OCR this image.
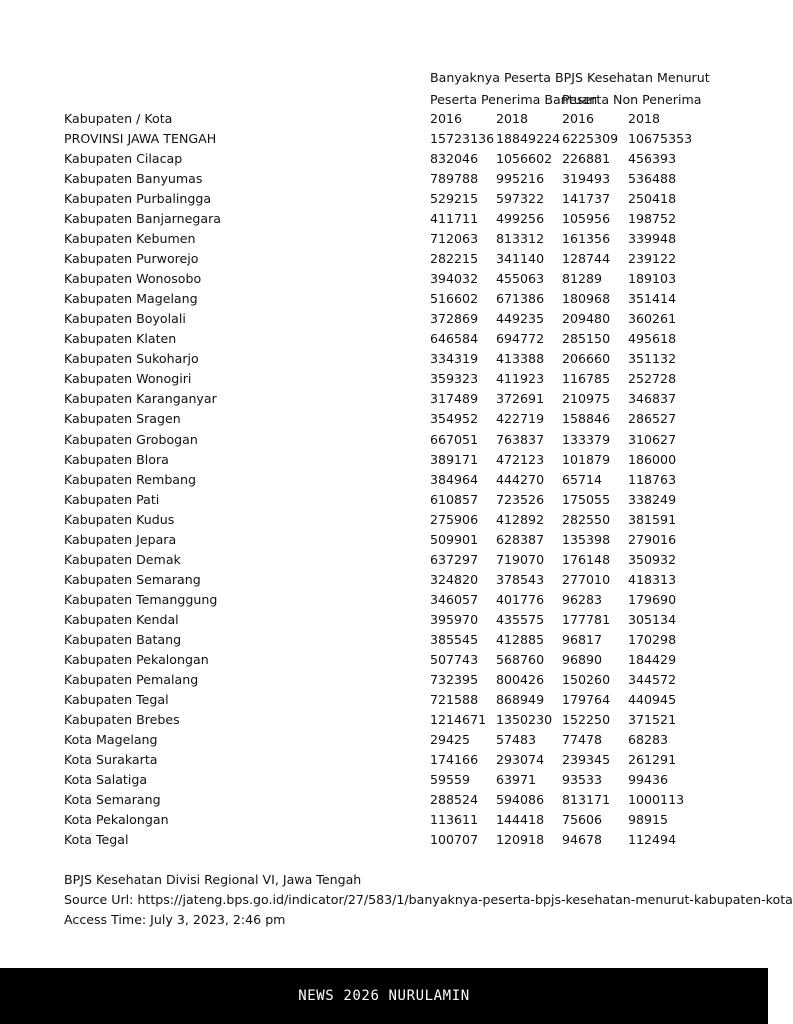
Banyaknya Peserta BPJS Kesehatan Menurut
Peserta Penerima Bantuan
Peserta Non Penerima
Kabupaten / Kota	2016	2018	2016	2018
PROVINSI JAWA TENGAH	15723136 18849224 6225309 10675353
Kabupaten Cilacap	832046	1056602 226881	456393
Kabupaten Banyumas	789788	995216	319493	536488
Kabupaten Purbalingga	529215	597322	141737	250418
Kabupaten Banjarnegara	411711	499256	105956	198752
Kabupaten Kebumen	712063	813312	161356	339948
Kabupaten Purworejo	282215	341140	128744	239122
Kabupaten Wonosobo	394032	455063	81289	189103
Kabupaten Magelang	516602	671386	180968	351414
Kabupaten Boyolali	372869	449235	209480	360261
Kabupaten Klaten	646584	694772	285150	495618
Kabupaten Sukoharjo	334319	413388	206660	351132
Kabupaten Wonogiri	359323	411923	116785	252728
Kabupaten Karanganyar	317489	372691	210975	346837
Kabupaten Sragen	354952	422719	158846	286527
Kabupaten Grobogan	667051	763837	133379	310627
Kabupaten Blora	389171	472123	101879	186000
Kabupaten Rembang	384964	444270	65714	118763
Kabupaten Pati	610857	723526	175055	338249
Kabupaten Kudus	275906	412892	282550	381591
Kabupaten Jepara	509901	628387	135398	279016
Kabupaten Demak	637297	719070	176148	350932
Kabupaten Semarang	324820	378543	277010	418313
Kabupaten Temanggung	346057	401776	96283	179690
Kabupaten Kendal	395970	435575	177781	305134
Kabupaten Batang	385545	412885	96817	170298
Kabupaten Pekalongan	507743	568760	96890	184429
Kabupaten Pemalang	732395	800426	150260	344572
Kabupaten Tegal	721588	868949	179764	440945
Kabupaten Brebes	1214671 1350230 152250	371521
Kota Magelang	29425	57483	77478	68283
Kota Surakarta	174166	293074	239345	261291
Kota Salatiga	59559	63971	93533	99436
Kota Semarang	288524	594086	813171	1000113
Kota Pekalongan	113611	144418	75606	98915
Kota Tegal	100707	120918	94678	112494
BPJS Kesehatan Divisi Regional VI, Jawa Tengah
Source Url: https://jateng.bps.go.id/indicator/27/583/1/banyaknya-peserta-bpjs-kesehatan-menurut-kabupaten-kota
Access Time: July 3, 2023, 2:46 pm
NEWS 2026 NURULAMIN
